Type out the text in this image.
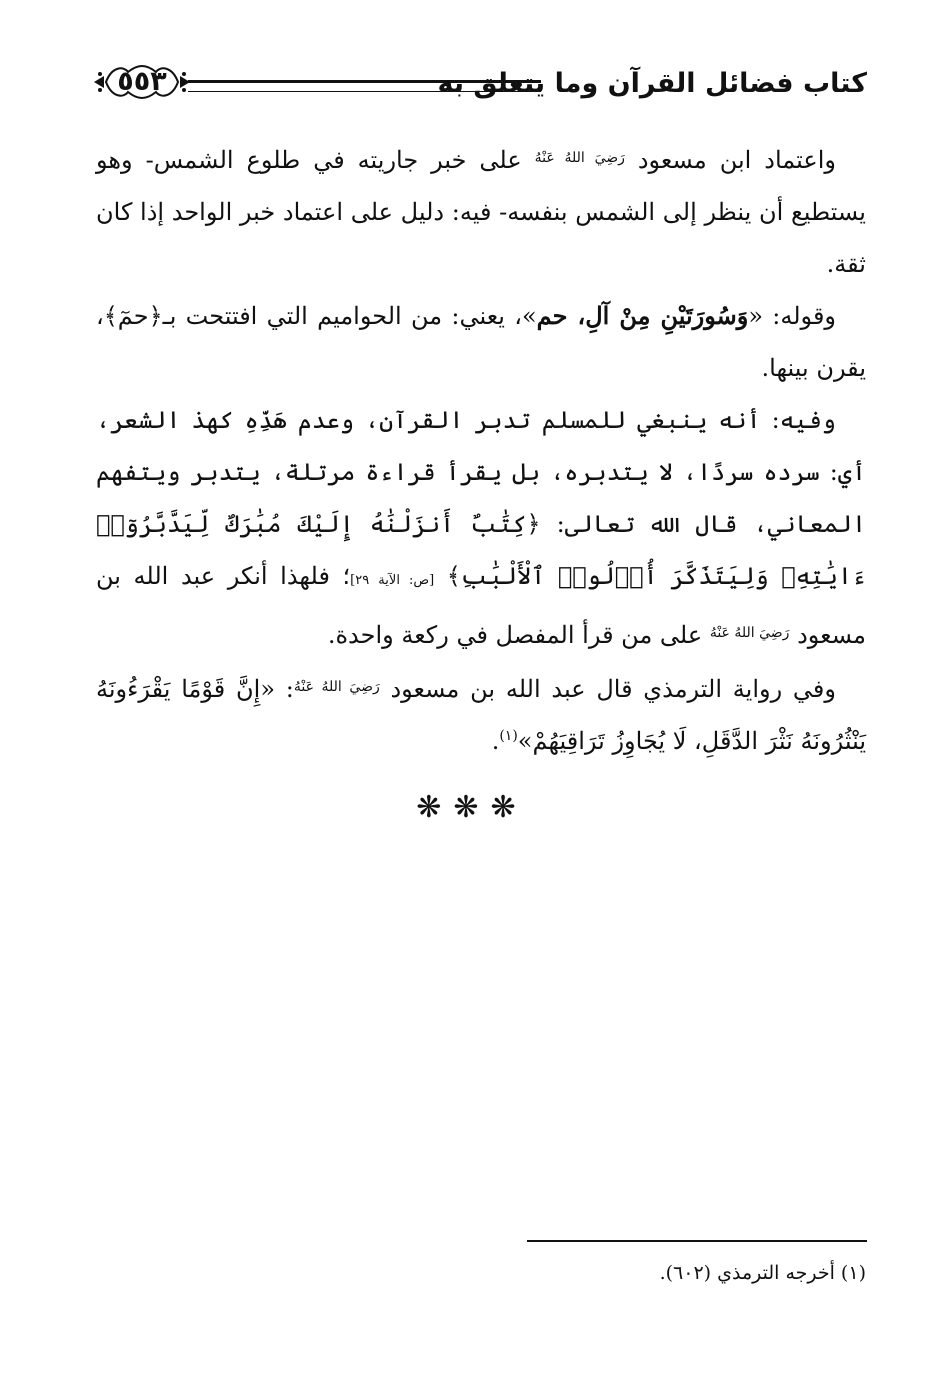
كتاب فضائل القرآن وما يتعلق به
٥٥٣

واعتماد ابن مسعود $^{رَضِيَ اللهُ عَنْهُ}$ على خبر جاريته في طلوع الشمس- وهو يستطيع أن ينظر إلى الشمس بنفسه- فيه: دليل على اعتماد خبر الواحد إذا كان ثقة.

وقوله: «وَسُورَتَيْنِ مِنْ آلِ، حم»، يعني: من الحواميم التي افتتحت بـ﴿حمٓ﴾، يقرن بينها.

وفيه: أنه ينبغي للمسلم تدبر القرآن، وعدم هَذِّهِ كهذ الشعر، أي: سرده سردًا، لا يتدبره، بل يقرأ قراءة مرتلة، يتدبر ويتفهم المعاني، قال الله تعالى: ﴿كِتَٰبٌ أَنزَلْنَٰهُ إِلَيْكَ مُبَٰرَكٌ لِّيَدَّبَّرُوٓا۟ ءَايَٰتِهِۦ وَلِيَتَذَكَّرَ أُو۟لُوا۟ ٱلْأَلْبَٰبِ﴾ [ص: الآية ٢٩]؛ فلهذا أنكر عبد الله بن مسعود $^{رَضِيَ اللهُ عَنْهُ}$ على من قرأ المفصل في ركعة واحدة.

وفي رواية الترمذي قال عبد الله بن مسعود $^{رَضِيَ اللهُ عَنْهُ}$: «إِنَّ قَوْمًا يَقْرَءُونَهُ يَنْثُرُونَهُ نَثْرَ الدَّقَلِ، لَا يُجَاوِزُ تَرَاقِيَهُمْ»$^{(١)}$.

❋❋❋
(١) أخرجه الترمذي (٦٠٢).
